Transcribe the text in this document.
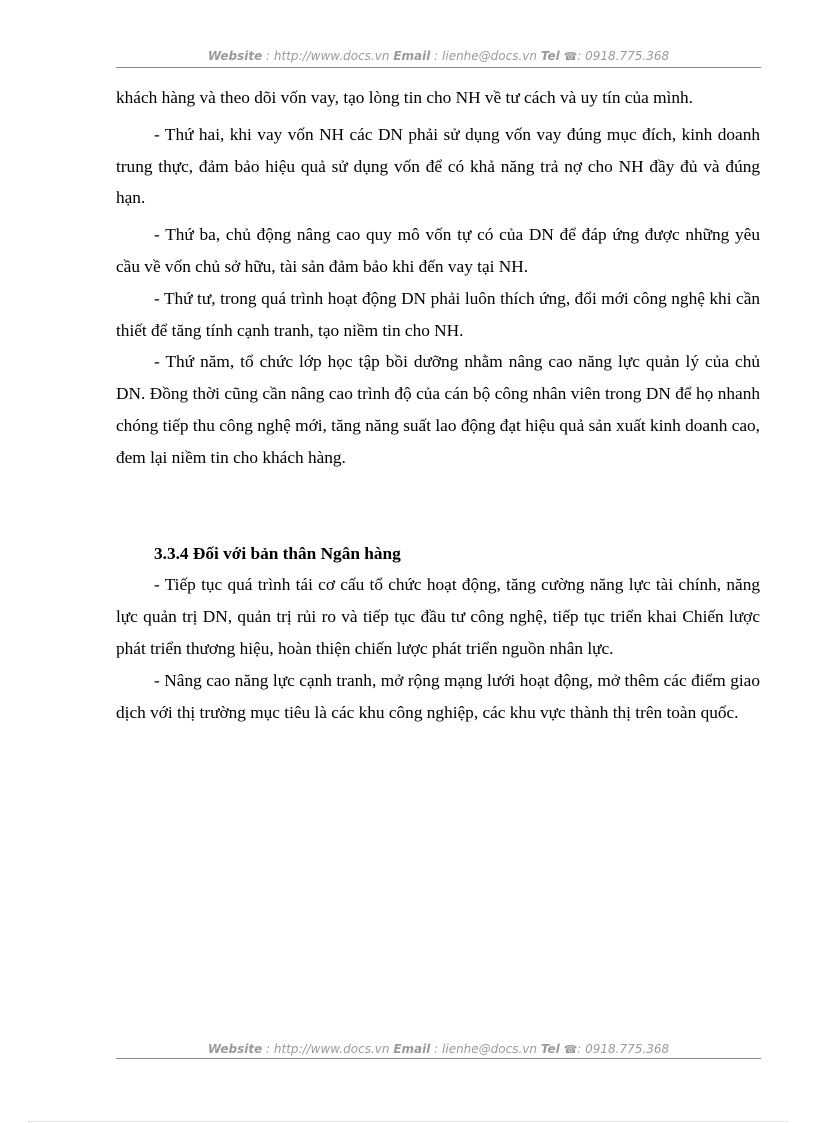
Website : http://www.docs.vn Email : lienhe@docs.vn Tel ☎: 0918.775.368

khách hàng và theo dõi vốn vay, tạo lòng tin cho NH về tư cách và uy tín của mình.

- Thứ hai, khi vay vốn NH các DN phải sử dụng vốn vay đúng mục đích, kinh doanh trung thực, đảm bảo hiệu quả sử dụng vốn để có khả năng trả nợ cho NH đầy đủ và đúng hạn.

- Thứ ba, chủ động nâng cao quy mô vốn tự có của DN để đáp ứng được những yêu cầu về vốn chủ sở hữu, tài sản đảm bảo khi đến vay tại NH.

- Thứ tư, trong quá trình hoạt động DN phải luôn thích ứng, đổi mới công nghệ khi cần thiết để tăng tính cạnh tranh, tạo niềm tin cho NH.

- Thứ năm, tổ chức lớp học tập bồi dưỡng nhằm nâng cao năng lực quản lý của chủ DN. Đồng thời cũng cần nâng cao trình độ của cán bộ công nhân viên trong DN để họ nhanh chóng tiếp thu công nghệ mới, tăng năng suất lao động đạt hiệu quả sản xuất kinh doanh cao, đem lại niềm tin cho khách hàng.

3.3.4 Đối với bản thân Ngân hàng

- Tiếp tục quá trình tái cơ cấu tổ chức hoạt động, tăng cường năng lực tài chính, năng lực quản trị DN, quản trị rủi ro và tiếp tục đầu tư công nghệ, tiếp tục triển khai Chiến lược phát triển thương hiệu, hoàn thiện chiến lược phát triển nguồn nhân lực.

- Nâng cao năng lực cạnh tranh, mở rộng mạng lưới hoạt động, mở thêm các điểm giao dịch với thị trường mục tiêu là các khu công nghiệp, các khu vực thành thị trên toàn quốc.

Website : http://www.docs.vn Email : lienhe@docs.vn Tel ☎: 0918.775.368
